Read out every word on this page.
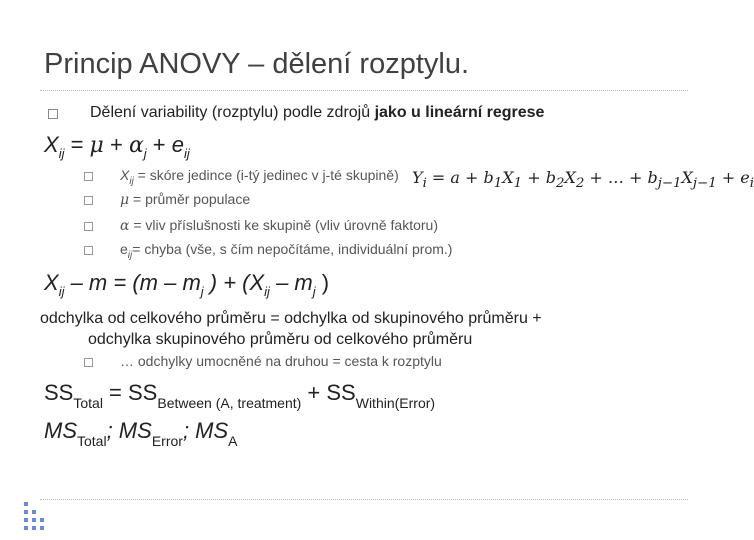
Princip ANOVY – dělení rozptylu.
Dělení variability (rozptylu) podle zdrojů jako u lineární regrese
$X_{ij} = \mu + \alpha_j + e_{ij}$
$X_{ij}$ = skóre jedince (i-tý jedinec v j-té skupině)
μ = průměr populace
α = vliv příslušnosti ke skupině (vliv úrovně faktoru)
$e_{ij}=$ chyba (vše, s čím nepočítáme, individuální prom.)
$Y_i = a + b_1X_1 + b_2X_2$ + … + $b_{j-1}X_{j-1} + e_i$
$X_{ij} - m = (m - m_j$ ) + ($X_{ij} - m_j$ )
odchylka od celkového průměru = odchylka od skupinového průměru +
odchylka skupinového průměru od celkového průměru
… odchylky umocněné na druhou = cesta k rozptylu
$SS_{Total} = SS_{Between (A, treatment)} + SS_{Within(Error)}$
$MS_{Total}$; $MS_{Error}$; $MS_A$
